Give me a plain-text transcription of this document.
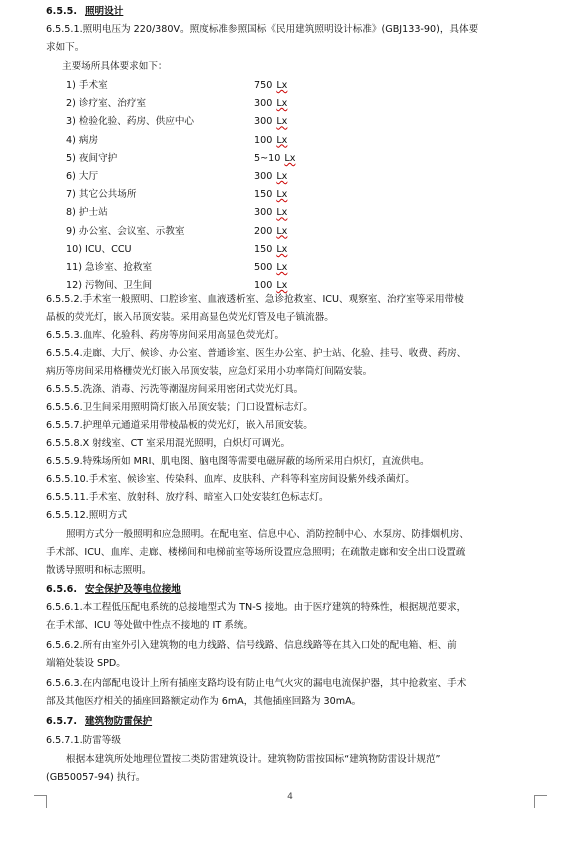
6.5.5. 照明设计
6.5.5.1.照明电压为 220/380V。照度标准参照国标《民用建筑照明设计标准》(GBJ133-90)，具体要
求如下。
主要场所具体要求如下：
1) 手术室	750 Lx
2) 诊疗室、治疗室	300 Lx
3) 检验化验、药房、供应中心	300 Lx
4) 病房	100 Lx
5) 夜间守护	5~10 Lx
6) 大厅	300 Lx
7) 其它公共场所	150 Lx
8) 护士站	300 Lx
9) 办公室、会议室、示教室	200 Lx
10) ICU、CCU	150 Lx
11) 急诊室、抢救室	500 Lx
12) 污物间、卫生间	100 Lx
6.5.5.2.手术室一般照明、口腔诊室、血液透析室、急诊抢救室、ICU、观察室、治疗室等采用带棱
晶板的荧光灯，嵌入吊顶安装。采用高显色荧光灯管及电子镇流器。
6.5.5.3.血库、化验科、药房等房间采用高显色荧光灯。
6.5.5.4.走廊、大厅、候诊、办公室、普通诊室、医生办公室、护士站、化验、挂号、收费、药房、
病历等房间采用格栅荧光灯嵌入吊顶安装，应急灯采用小功率筒灯间隔安装。
6.5.5.5.洗涤、消毒、污洗等潮湿房间采用密闭式荧光灯具。
6.5.5.6.卫生间采用照明筒灯嵌入吊顶安装；门口设置标志灯。
6.5.5.7.护理单元通道采用带棱晶板的荧光灯，嵌入吊顶安装。
6.5.5.8.X 射线室、CT 室采用混光照明，白炽灯可调光。
6.5.5.9.特殊场所如 MRI、肌电图、脑电图等需要电磁屏蔽的场所采用白炽灯，直流供电。
6.5.5.10.手术室、候诊室、传染科、血库、皮肤科、产科等科室房间设紫外线杀菌灯。
6.5.5.11.手术室、放射科、放疗科、暗室入口处安装红色标志灯。
6.5.5.12.照明方式
照明方式分一般照明和应急照明。在配电室、信息中心、消防控制中心、水泵房、防排烟机房、
手术部、ICU、血库、走廊、楼梯间和电梯前室等场所设置应急照明；在疏散走廊和安全出口设置疏
散诱导照明和标志照明。
6.5.6. 安全保护及等电位接地
6.5.6.1.本工程低压配电系统的总接地型式为 TN-S 接地。由于医疗建筑的特殊性，根据规范要求，
在手术部、ICU 等处做中性点不接地的 IT 系统。
6.5.6.2.所有由室外引入建筑物的电力线路、信号线路、信息线路等在其入口处的配电箱、柜、前
端箱处装设 SPD。
6.5.6.3.在内部配电设计上所有插座支路均设有防止电气火灾的漏电电流保护器，其中抢救室、手术
部及其他医疗相关的插座回路额定动作为 6mA，其他插座回路为 30mA。
6.5.7. 建筑物防雷保护
6.5.7.1.防雷等级
根据本建筑所处地理位置按二类防雷建筑设计。建筑物防雷按国标“建筑物防雷设计规范”
(GB50057-94) 执行。
4
